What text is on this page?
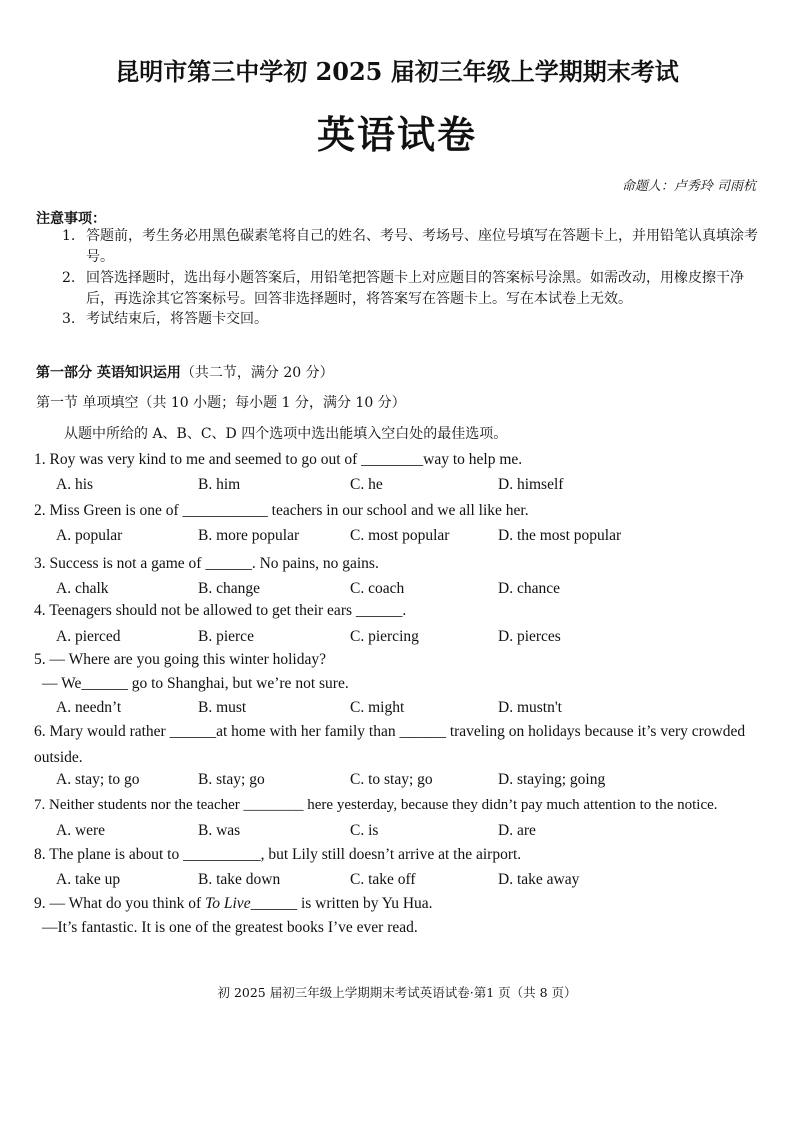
昆明市第三中学初 2025 届初三年级上学期期末考试
英语试卷
命题人：卢秀玲 司雨杭
注意事项：
1. 答题前，考生务必用黑色碳素笔将自己的姓名、考号、考场号、座位号填写在答题卡上，并用铅笔认真填涂考号。
2. 回答选择题时，选出每小题答案后，用铅笔把答题卡上对应题目的答案标号涂黑。如需改动，用橡皮擦干净后，再选涂其它答案标号。回答非选择题时，将答案写在答题卡上。写在本试卷上无效。
3. 考试结束后，将答题卡交回。
第一部分 英语知识运用（共二节，满分 20 分）
第一节 单项填空（共 10 小题；每小题 1 分，满分 10 分）
从题中所给的 A、B、C、D 四个选项中选出能填入空白处的最佳选项。
1. Roy was very kind to me and seemed to go out of ________way to help me.
A. his	B. him	C. he	D. himself
2. Miss Green is one of ___________ teachers in our school and we all like her.
A. popular	B. more popular	C. most popular	D. the most popular
3. Success is not a game of ______. No pains, no gains.
A. chalk	B. change	C. coach	D. chance
4. Teenagers should not be allowed to get their ears ______.
A. pierced	B. pierce	C. piercing	D. pierces
5. — Where are you going this winter holiday?
— We______ go to Shanghai, but we’re not sure.
A. needn’t	B. must	C. might	D. mustn't
6. Mary would rather ______at home with her family than ______ traveling on holidays because it’s very crowded outside.
A. stay; to go	B. stay; go	C. to stay; go	D. staying; going
7. Neither students nor the teacher ________ here yesterday, because they didn’t pay much attention to the notice.
A. were	B. was	C. is	D. are
8. The plane is about to __________, but Lily still doesn’t arrive at the airport.
A. take up	B. take down	C. take off	D. take away
9. — What do you think of To Live______ is written by Yu Hua.
—It’s fantastic. It is one of the greatest books I’ve ever read.
初 2025 届初三年级上学期期末考试英语试卷·第1 页（共 8 页）
